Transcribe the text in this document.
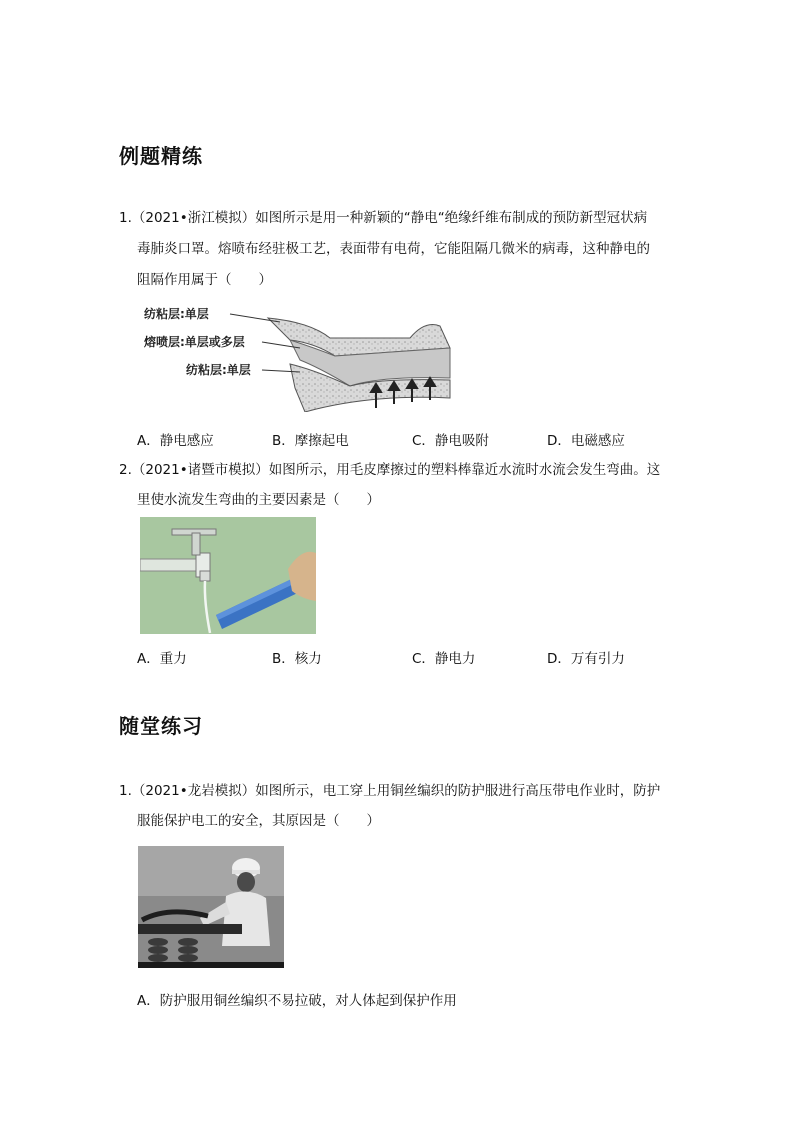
例题精练
1.（2021•浙江模拟）如图所示是用一种新颖的“静电“绝缘纤维布制成的预防新型冠状病
毒肺炎口罩。熔喷布经驻极工艺，表面带有电荷，它能阻隔几微米的病毒，这种静电的
阻隔作用属于（　　）
纺粘层:单层
熔喷层:单层或多层
纺粘层:单层
A．静电感应	B．摩擦起电	C．静电吸附	D．电磁感应
2.（2021•诸暨市模拟）如图所示，用毛皮摩擦过的塑料棒靠近水流时水流会发生弯曲。这
里使水流发生弯曲的主要因素是（　　）
A．重力	B．核力	C．静电力	D．万有引力
随堂练习
1.（2021•龙岩模拟）如图所示，电工穿上用铜丝编织的防护服进行高压带电作业时，防护
服能保护电工的安全，其原因是（　　）
A．防护服用铜丝编织不易拉破，对人体起到保护作用
